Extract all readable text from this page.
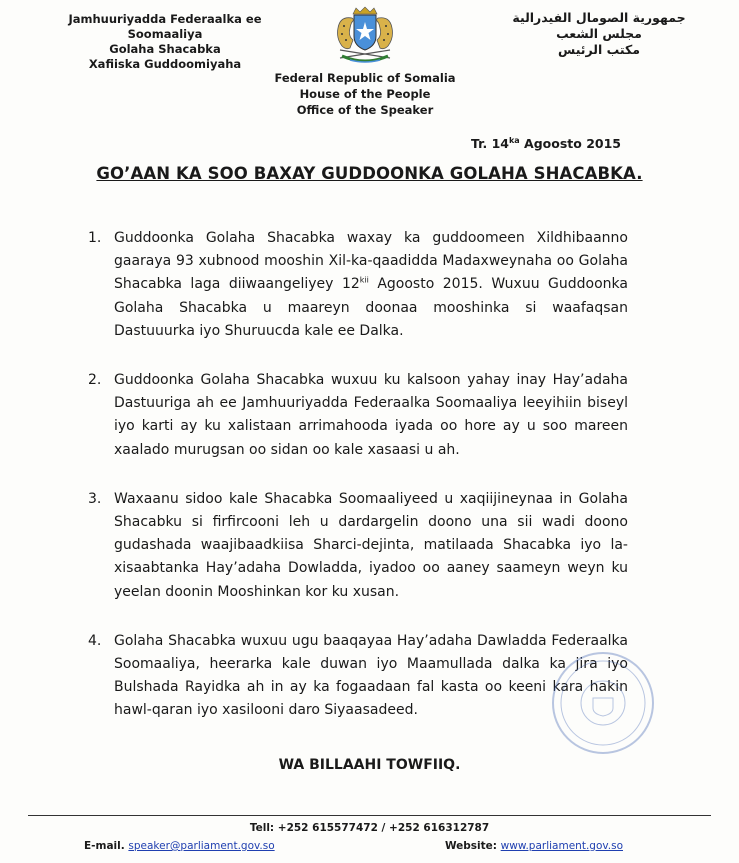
Jamhuuriyadda Federaalka ee Soomaaliya
Golaha Shacabka
Xafiiska Guddoomiyaha
جمهورية الصومال الفيدرالية
مجلس الشعب
مكتب الرئيس
Federal Republic of Somalia
House of the People
Office of the Speaker
Tr. $14^{ka}$ Agoosto 2015
GO’AAN KA SOO BAXAY GUDDOONKA GOLAHA SHACABKA.
1. Guddoonka Golaha Shacabka waxay ka guddoomeen Xildhibaanno gaaraya 93 xubnood mooshin Xil-ka-qaadidda Madaxweynaha oo Golaha Shacabka laga diiwaangeliyey $12^{kii}$ Agoosto 2015. Wuxuu Guddoonka Golaha Shacabka u maareyn doonaa mooshinka si waafaqsan Dastuuurka iyo Shuruucda kale ee Dalka.
2. Guddoonka Golaha Shacabka wuxuu ku kalsoon yahay inay Hay’adaha Dastuuriga ah ee Jamhuuriyadda Federaalka Soomaaliya leeyihiin biseyl iyo karti ay ku xalistaan arrimahooda iyada oo hore ay u soo mareen xaalado murugsan oo sidan oo kale xasaasi u ah.
3. Waxaanu sidoo kale Shacabka Soomaaliyeed u xaqiijineynaa in Golaha Shacabku si firfircooni leh u dardargelin doono una sii wadi doono gudashada waajibaadkiisa Sharci-dejinta, matilaada Shacabka iyo la-xisaabtanka Hay’adaha Dowladda, iyadoo oo aaney saameyn weyn ku yeelan doonin Mooshinkan kor ku xusan.
4. Golaha Shacabka wuxuu ugu baaqayaa Hay’adaha Dawladda Federaalka Soomaaliya, heerarka kale duwan iyo Maamullada dalka ka jira iyo Bulshada Rayidka ah in ay ka fogaadaan fal kasta oo keeni kara hakin hawl-qaran iyo xasilooni daro Siyaasadeed.
WA BILLAAHI TOWFIIQ.
Tell: +252 615577472 / +252 616312787
E-mail. speaker@parliament.gov.so	Website: www.parliament.gov.so
